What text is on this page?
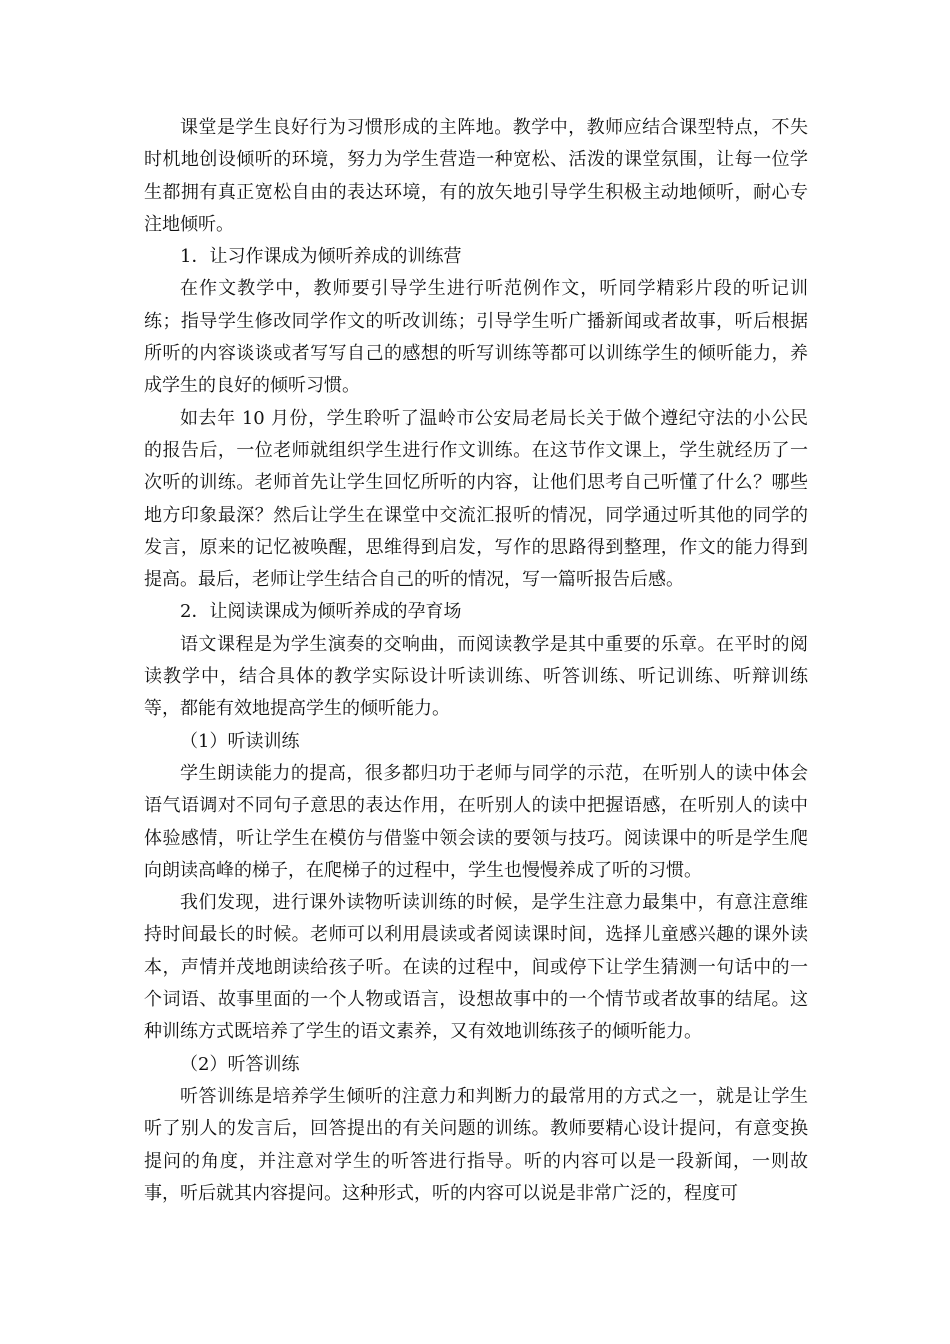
课堂是学生良好行为习惯形成的主阵地。教学中，教师应结合课型特点，不失时机地创设倾听的环境，努力为学生营造一种宽松、活泼的课堂氛围，让每一位学生都拥有真正宽松自由的表达环境，有的放矢地引导学生积极主动地倾听，耐心专注地倾听。

1．让习作课成为倾听养成的训练营

在作文教学中，教师要引导学生进行听范例作文，听同学精彩片段的听记训练；指导学生修改同学作文的听改训练；引导学生听广播新闻或者故事，听后根据所听的内容谈谈或者写写自己的感想的听写训练等都可以训练学生的倾听能力，养成学生的良好的倾听习惯。

如去年 10 月份，学生聆听了温岭市公安局老局长关于做个遵纪守法的小公民的报告后，一位老师就组织学生进行作文训练。在这节作文课上，学生就经历了一次听的训练。老师首先让学生回忆所听的内容，让他们思考自己听懂了什么？哪些地方印象最深？然后让学生在课堂中交流汇报听的情况，同学通过听其他的同学的发言，原来的记忆被唤醒，思维得到启发，写作的思路得到整理，作文的能力得到提高。最后，老师让学生结合自己的听的情况，写一篇听报告后感。

2．让阅读课成为倾听养成的孕育场

语文课程是为学生演奏的交响曲，而阅读教学是其中重要的乐章。在平时的阅读教学中，结合具体的教学实际设计听读训练、听答训练、听记训练、听辩训练等，都能有效地提高学生的倾听能力。

（1）听读训练

学生朗读能力的提高，很多都归功于老师与同学的示范，在听别人的读中体会语气语调对不同句子意思的表达作用，在听别人的读中把握语感，在听别人的读中体验感情，听让学生在模仿与借鉴中领会读的要领与技巧。阅读课中的听是学生爬向朗读高峰的梯子，在爬梯子的过程中，学生也慢慢养成了听的习惯。

我们发现，进行课外读物听读训练的时候，是学生注意力最集中，有意注意维持时间最长的时候。老师可以利用晨读或者阅读课时间，选择儿童感兴趣的课外读本，声情并茂地朗读给孩子听。在读的过程中，间或停下让学生猜测一句话中的一个词语、故事里面的一个人物或语言，设想故事中的一个情节或者故事的结尾。这种训练方式既培养了学生的语文素养，又有效地训练孩子的倾听能力。

（2）听答训练

听答训练是培养学生倾听的注意力和判断力的最常用的方式之一，就是让学生听了别人的发言后，回答提出的有关问题的训练。教师要精心设计提问，有意变换提问的角度，并注意对学生的听答进行指导。听的内容可以是一段新闻，一则故事，听后就其内容提问。这种形式，听的内容可以说是非常广泛的，程度可
